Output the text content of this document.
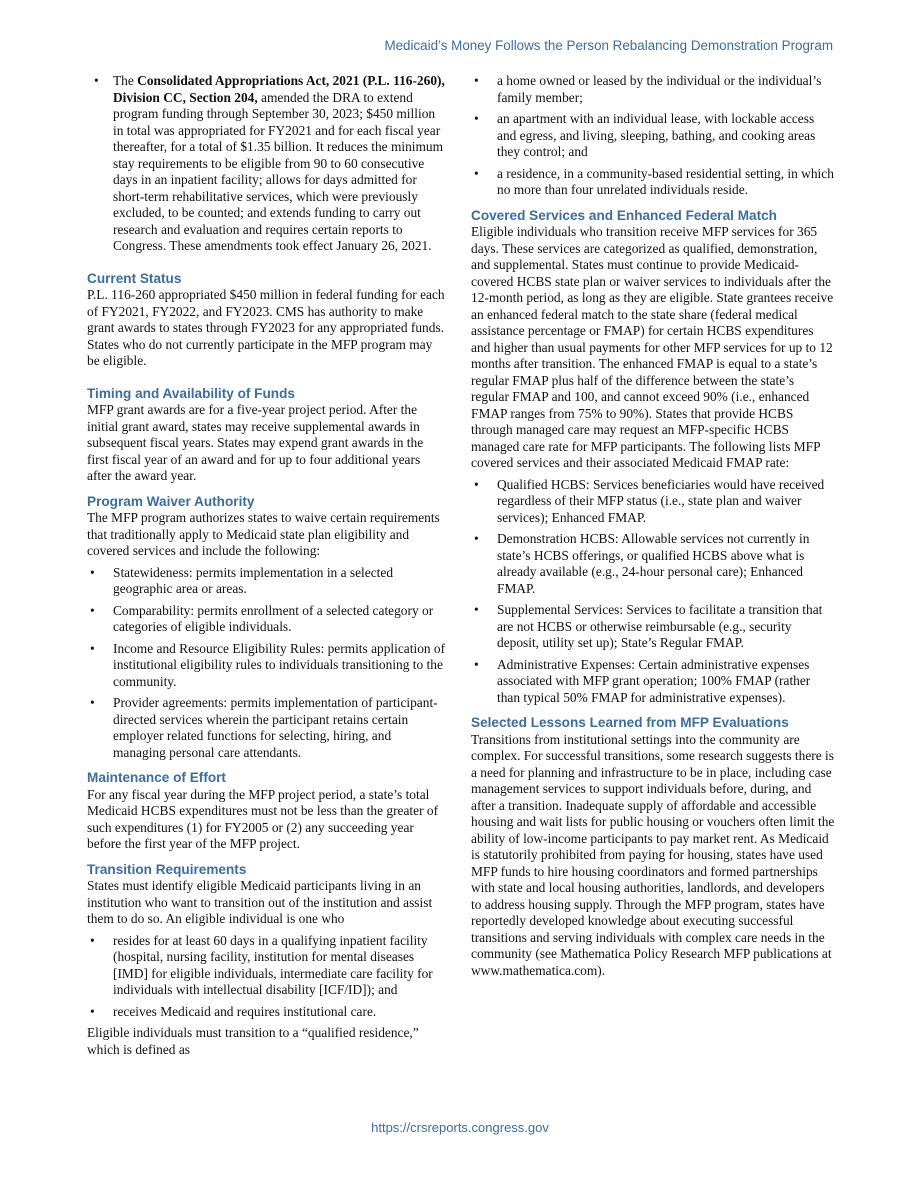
Medicaid’s Money Follows the Person Rebalancing Demonstration Program
• The Consolidated Appropriations Act, 2021 (P.L. 116-260), Division CC, Section 204, amended the DRA to extend program funding through September 30, 2023; $450 million in total was appropriated for FY2021 and for each fiscal year thereafter, for a total of $1.35 billion. It reduces the minimum stay requirements to be eligible from 90 to 60 consecutive days in an inpatient facility; allows for days admitted for short-term rehabilitative services, which were previously excluded, to be counted; and extends funding to carry out research and evaluation and requires certain reports to Congress. These amendments took effect January 26, 2021.
Current Status

P.L. 116-260 appropriated $450 million in federal funding for each of FY2021, FY2022, and FY2023. CMS has authority to make grant awards to states through FY2023 for any appropriated funds. States who do not currently participate in the MFP program may be eligible.

Timing and Availability of Funds

MFP grant awards are for a five-year project period. After the initial grant award, states may receive supplemental awards in subsequent fiscal years. States may expend grant awards in the first fiscal year of an award and for up to four additional years after the award year.

Program Waiver Authority

The MFP program authorizes states to waive certain requirements that traditionally apply to Medicaid state plan eligibility and covered services and include the following:

• Statewideness: permits implementation in a selected geographic area or areas.
• Comparability: permits enrollment of a selected category or categories of eligible individuals.
• Income and Resource Eligibility Rules: permits application of institutional eligibility rules to individuals transitioning to the community.
• Provider agreements: permits implementation of participant-directed services wherein the participant retains certain employer related functions for selecting, hiring, and managing personal care attendants.
Maintenance of Effort

For any fiscal year during the MFP project period, a state’s total Medicaid HCBS expenditures must not be less than the greater of such expenditures (1) for FY2005 or (2) any succeeding year before the first year of the MFP project.

Transition Requirements

States must identify eligible Medicaid participants living in an institution who want to transition out of the institution and assist them to do so. An eligible individual is one who

• resides for at least 60 days in a qualifying inpatient facility (hospital, nursing facility, institution for mental diseases [IMD] for eligible individuals, intermediate care facility for individuals with intellectual disability [ICF/ID]); and
• receives Medicaid and requires institutional care.

Eligible individuals must transition to a “qualified residence,” which is defined as

• a home owned or leased by the individual or the individual’s family member;
• an apartment with an individual lease, with lockable access and egress, and living, sleeping, bathing, and cooking areas they control; and
• a residence, in a community-based residential setting, in which no more than four unrelated individuals reside.
Covered Services and Enhanced Federal Match

Eligible individuals who transition receive MFP services for 365 days. These services are categorized as qualified, demonstration, and supplemental. States must continue to provide Medicaid-covered HCBS state plan or waiver services to individuals after the 12-month period, as long as they are eligible. State grantees receive an enhanced federal match to the state share (federal medical assistance percentage or FMAP) for certain HCBS expenditures and higher than usual payments for other MFP services for up to 12 months after transition. The enhanced FMAP is equal to a state’s regular FMAP plus half of the difference between the state’s regular FMAP and 100, and cannot exceed 90% (i.e., enhanced FMAP ranges from 75% to 90%). States that provide HCBS through managed care may request an MFP-specific HCBS managed care rate for MFP participants. The following lists MFP covered services and their associated Medicaid FMAP rate:

• Qualified HCBS: Services beneficiaries would have received regardless of their MFP status (i.e., state plan and waiver services); Enhanced FMAP.
• Demonstration HCBS: Allowable services not currently in state’s HCBS offerings, or qualified HCBS above what is already available (e.g., 24-hour personal care); Enhanced FMAP.
• Supplemental Services: Services to facilitate a transition that are not HCBS or otherwise reimbursable (e.g., security deposit, utility set up); State’s Regular FMAP.
• Administrative Expenses: Certain administrative expenses associated with MFP grant operation; 100% FMAP (rather than typical 50% FMAP for administrative expenses).
Selected Lessons Learned from MFP Evaluations

Transitions from institutional settings into the community are complex. For successful transitions, some research suggests there is a need for planning and infrastructure to be in place, including case management services to support individuals before, during, and after a transition. Inadequate supply of affordable and accessible housing and wait lists for public housing or vouchers often limit the ability of low-income participants to pay market rent. As Medicaid is statutorily prohibited from paying for housing, states have used MFP funds to hire housing coordinators and formed partnerships with state and local housing authorities, landlords, and developers to address housing supply. Through the MFP program, states have reportedly developed knowledge about executing successful transitions and serving individuals with complex care needs in the community (see Mathematica Policy Research MFP publications at www.mathematica.com).

https://crsreports.congress.gov
